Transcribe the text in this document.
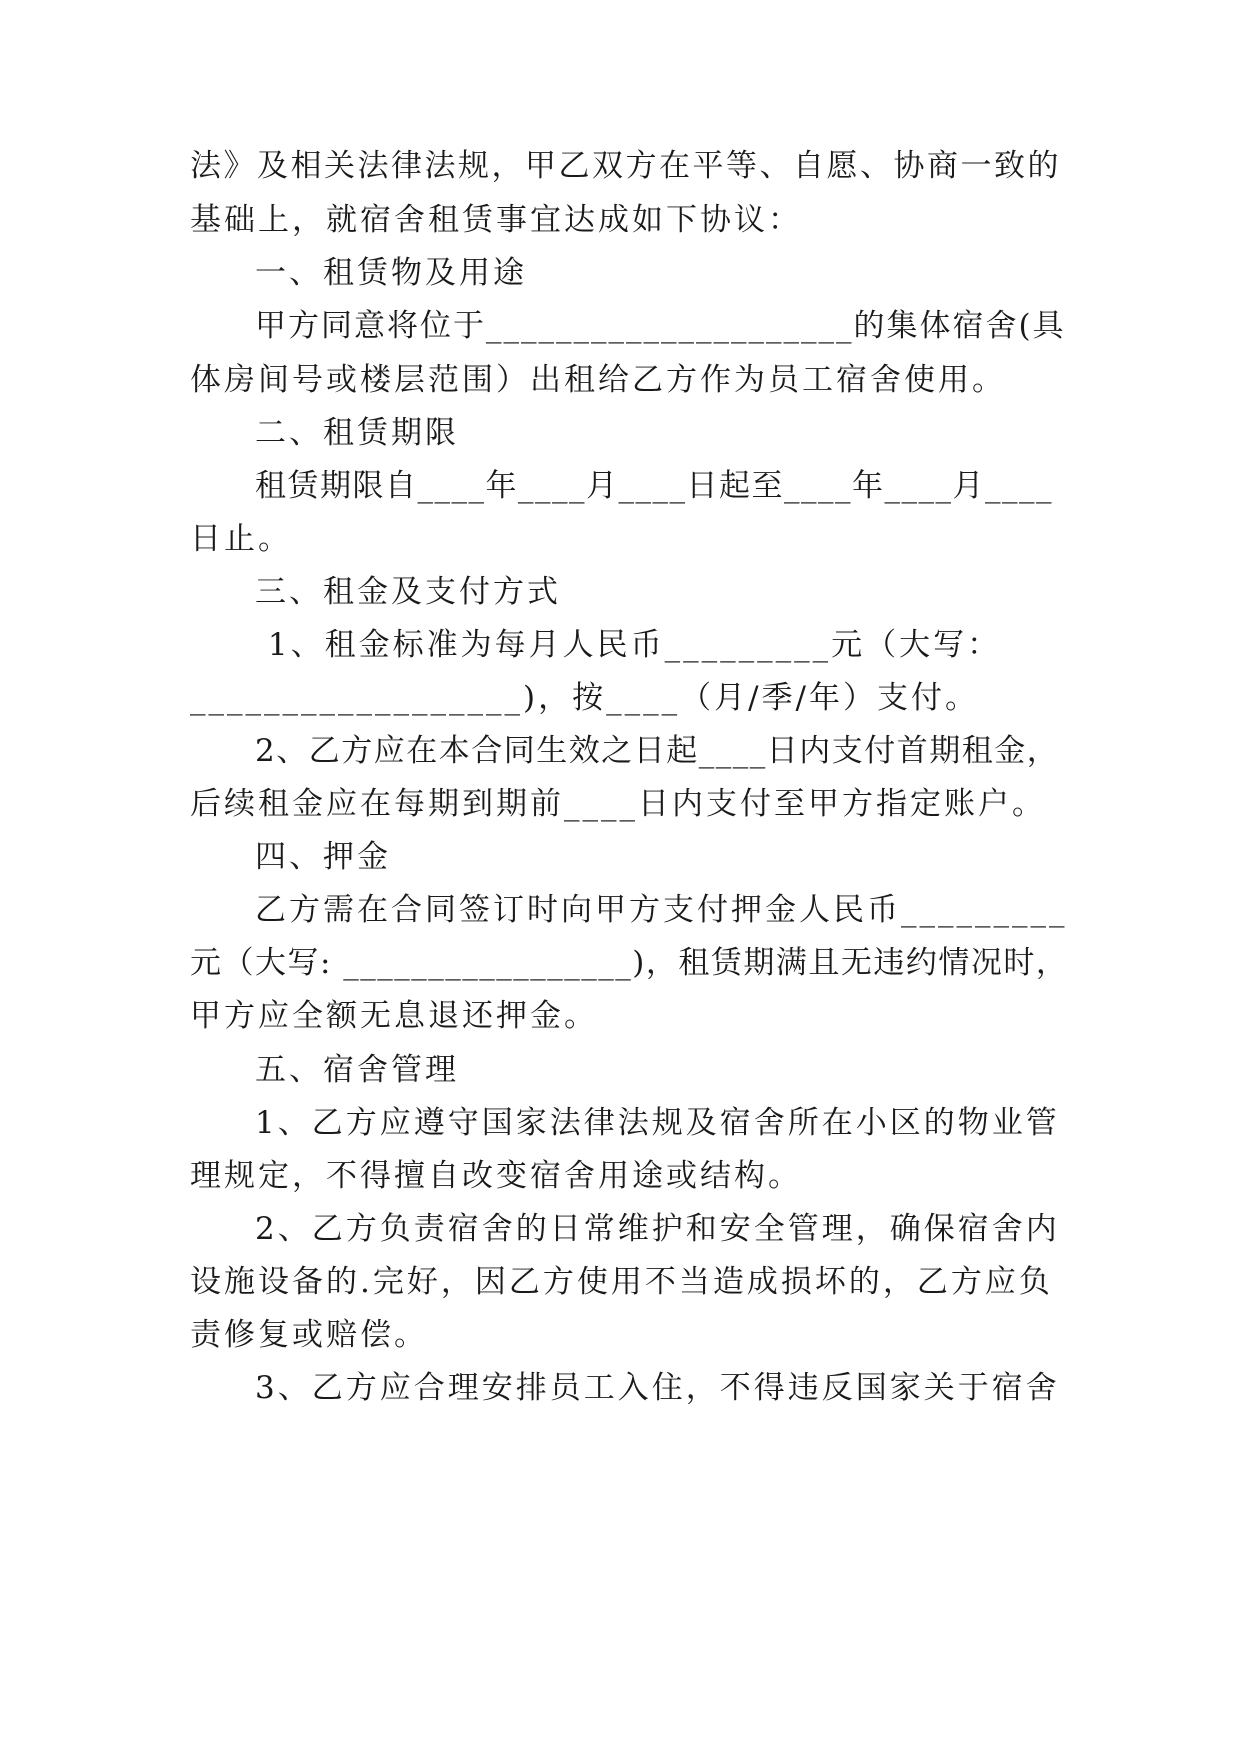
法》及相关法律法规，甲乙双方在平等、自愿、协商一致的
基础上，就宿舍租赁事宜达成如下协议：
一、租赁物及用途
甲方同意将位于_____________________的集体宿舍(具
体房间号或楼层范围）出租给乙方作为员工宿舍使用。
二、租赁期限
租赁期限自____年____月____日起至____年____月____
日止。
三、租金及支付方式
1、租金标准为每月人民币_________元（大写：
__________________)，按____（月/季/年）支付。
2、乙方应在本合同生效之日起____日内支付首期租金，
后续租金应在每期到期前____日内支付至甲方指定账户。
四、押金
乙方需在合同签订时向甲方支付押金人民币_________
元（大写: _________________)，租赁期满且无违约情况时，
甲方应全额无息退还押金。
五、宿舍管理
1、乙方应遵守国家法律法规及宿舍所在小区的物业管
理规定，不得擅自改变宿舍用途或结构。
2、乙方负责宿舍的日常维护和安全管理，确保宿舍内
设施设备的.完好，因乙方使用不当造成损坏的，乙方应负
责修复或赔偿。
3、乙方应合理安排员工入住，不得违反国家关于宿舍
